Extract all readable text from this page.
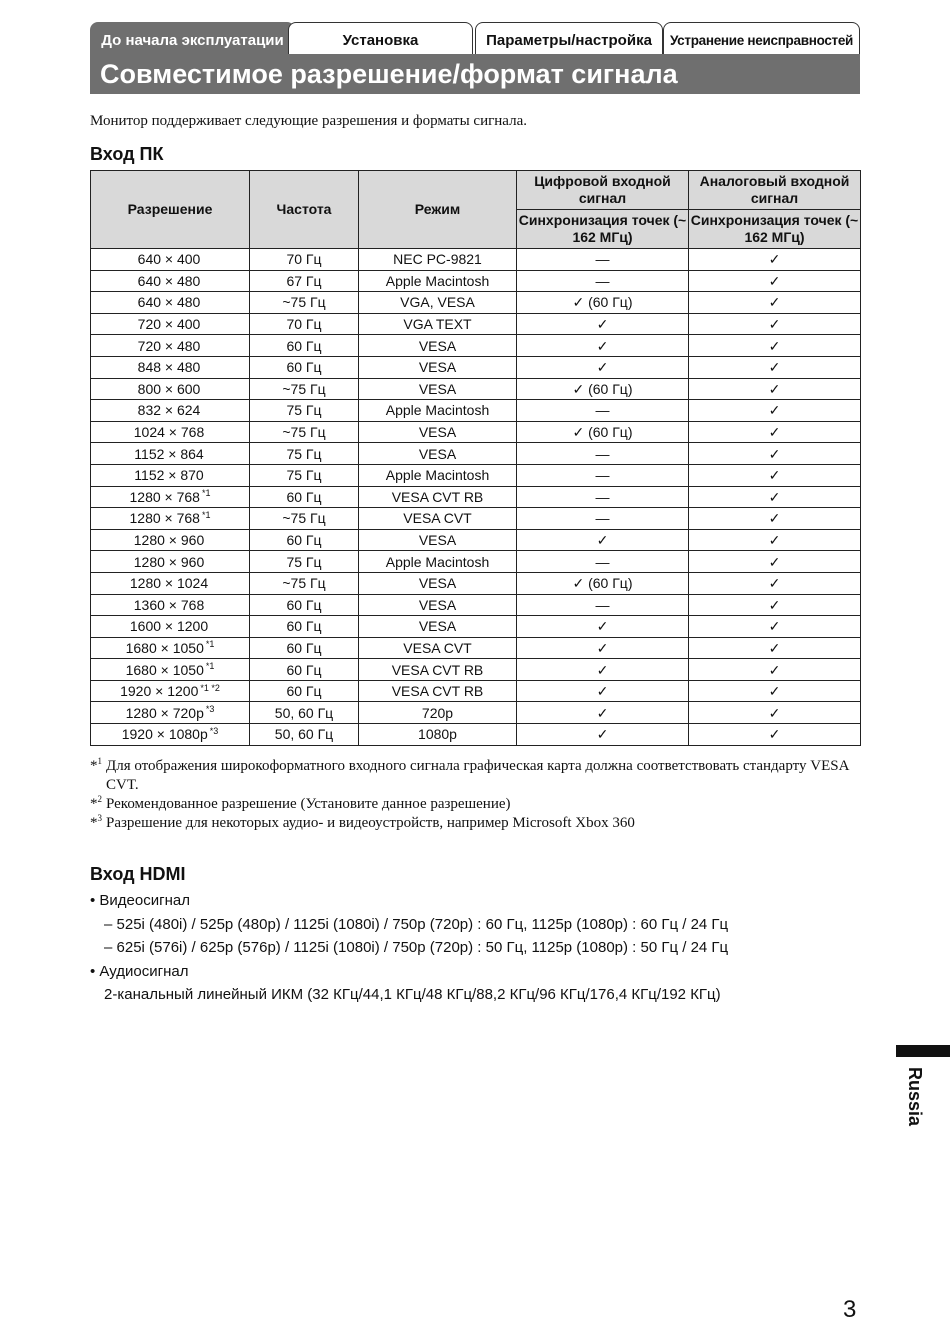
До начала эксплуатации	Установка	Параметры/настройка	Устранение неисправностей
Совместимое разрешение/формат сигнала
Монитор поддерживает следующие разрешения и форматы сигнала.
Вход ПК
Разрешение	Частота	Режим	Цифровой входной сигнал	Аналоговый входной сигнал
			Синхронизация точек (~ 162 МГц)	Синхронизация точек (~ 162 МГц)
640 × 400	70 Гц	NEC PC-9821	—	✓
640 × 480	67 Гц	Apple Macintosh	—	✓
640 × 480	~75 Гц	VGA, VESA	✓ (60 Гц)	✓
720 × 400	70 Гц	VGA TEXT	✓	✓
720 × 480	60 Гц	VESA	✓	✓
848 × 480	60 Гц	VESA	✓	✓
800 × 600	~75 Гц	VESA	✓ (60 Гц)	✓
832 × 624	75 Гц	Apple Macintosh	—	✓
1024 × 768	~75 Гц	VESA	✓ (60 Гц)	✓
1152 × 864	75 Гц	VESA	—	✓
1152 × 870	75 Гц	Apple Macintosh	—	✓
1280 × 768 $^{*1}$	60 Гц	VESA CVT RB	—	✓
1280 × 768 $^{*1}$	~75 Гц	VESA CVT	—	✓
1280 × 960	60 Гц	VESA	✓	✓
1280 × 960	75 Гц	Apple Macintosh	—	✓
1280 × 1024	~75 Гц	VESA	✓ (60 Гц)	✓
1360 × 768	60 Гц	VESA	—	✓
1600 × 1200	60 Гц	VESA	✓	✓
1680 × 1050 $^{*1}$	60 Гц	VESA CVT	✓	✓
1680 × 1050 $^{*1}$	60 Гц	VESA CVT RB	✓	✓
1920 × 1200 $^{*1 *2}$	60 Гц	VESA CVT RB	✓	✓
1280 × 720p $^{*3}$	50, 60 Гц	720p	✓	✓
1920 × 1080p $^{*3}$	50, 60 Гц	1080p	✓	✓
*$^1$ Для отображения широкоформатного входного сигнала графическая карта должна соответствовать стандарту VESA CVT.
*$^2$ Рекомендованное разрешение (Установите данное разрешение)
*$^3$ Разрешение для некоторых аудио- и видеоустройств, например Microsoft Xbox 360
Вход HDMI
• Видеосигнал
– 525i (480i) / 525p (480p) / 1125i (1080i) / 750p (720p) : 60 Гц, 1125p (1080p) : 60 Гц / 24 Гц
– 625i (576i) / 625p (576p) / 1125i (1080i) / 750p (720p) : 50 Гц, 1125p (1080p) : 50 Гц / 24 Гц
• Аудиосигнал
2-канальный линейный ИКМ (32 КГц/44,1 КГц/48 КГц/88,2 КГц/96 КГц/176,4 КГц/192 КГц)
Russia
3
